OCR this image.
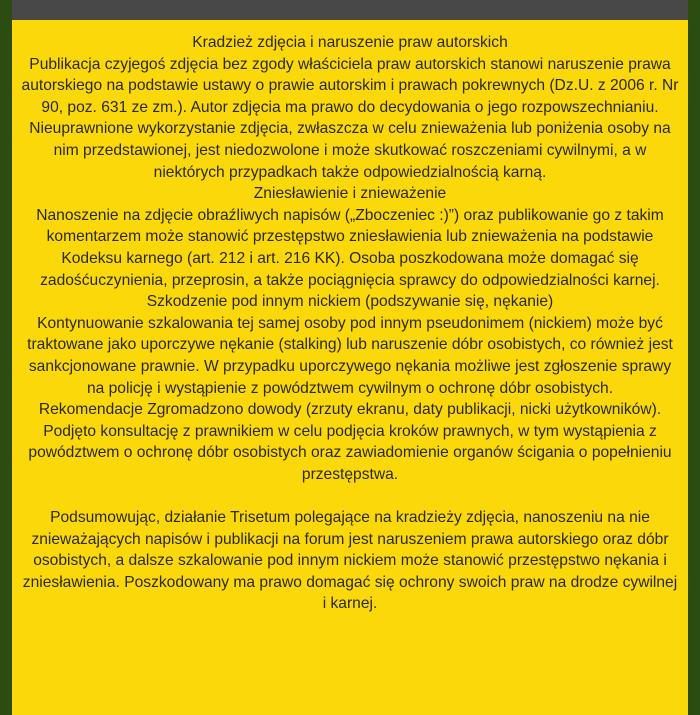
Kradzież zdjęcia i naruszenie praw autorskich

Publikacja czyjegoś zdjęcia bez zgody właściciela praw autorskich stanowi naruszenie prawa autorskiego na podstawie ustawy o prawie autorskim i prawach pokrewnych (Dz.U. z 2006 r. Nr 90, poz. 631 ze zm.). Autor zdjęcia ma prawo do decydowania o jego rozpowszechnianiu. Nieuprawnione wykorzystanie zdjęcia, zwłaszcza w celu znieważenia lub poniżenia osoby na nim przedstawionej, jest niedozwolone i może skutkować roszczeniami cywilnymi, a w niektórych przypadkach także odpowiedzialnością karną.

Zniesławienie i znieważenie

Nanoszenie na zdjęcie obraźliwych napisów („Zboczeniec :)”) oraz publikowanie go z takim komentarzem może stanowić przestępstwo zniesławienia lub znieważenia na podstawie Kodeksu karnego (art. 212 i art. 216 KK). Osoba poszkodowana może domagać się zadośćuczynienia, przeprosin, a także pociągnięcia sprawcy do odpowiedzialności karnej.

Szkodzenie pod innym nickiem (podszywanie się, nękanie)

Kontynuowanie szkalowania tej samej osoby pod innym pseudonimem (nickiem) może być traktowane jako uporczywe nękanie (stalking) lub naruszenie dóbr osobistych, co również jest sankcjonowane prawnie. W przypadku uporczywego nękania możliwe jest zgłoszenie sprawy na policję i wystąpienie z powództwem cywilnym o ochronę dóbr osobistych.

Rekomendacje Zgromadzono dowody (zrzuty ekranu, daty publikacji, nicki użytkowników).

Podjęto konsultację z prawnikiem w celu podjęcia kroków prawnych, w tym wystąpienia z powództwem o ochronę dóbr osobistych oraz zawiadomienie organów ścigania o popełnieniu przestępstwa.

Podsumowując, działanie Trisetum polegające na kradzieży zdjęcia, nanoszeniu na nie znieważających napisów i publikacji na forum jest naruszeniem prawa autorskiego oraz dóbr osobistych, a dalsze szkalowanie pod innym nickiem może stanowić przestępstwo nękania i zniesławienia. Poszkodowany ma prawo domagać się ochrony swoich praw na drodze cywilnej i karnej.
